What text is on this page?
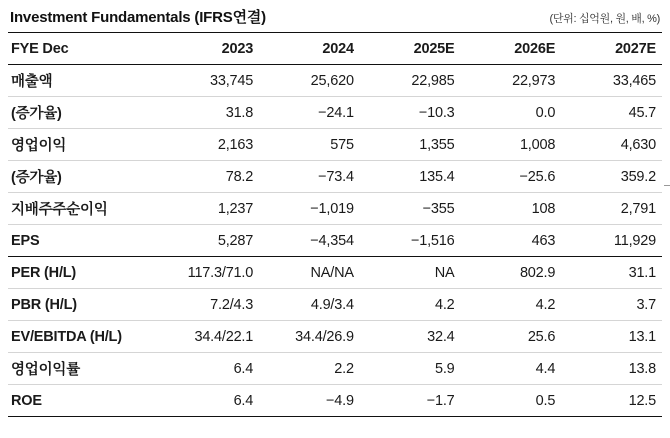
Investment Fundamentals (IFRS연결)	(단위: 십억원, 원, 배, %)
FYE Dec	2023	2024	2025E	2026E	2027E
매출액	33,745	25,620	22,985	22,973	33,465
(증가율)	31.8	−24.1	−10.3	0.0	45.7
영업이익	2,163	575	1,355	1,008	4,630
(증가율)	78.2	−73.4	135.4	−25.6	359.2
지배주주순이익	1,237	−1,019	−355	108	2,791
EPS	5,287	−4,354	−1,516	463	11,929
PER (H/L)	117.3/71.0	NA/NA	NA	802.9	31.1
PBR (H/L)	7.2/4.3	4.9/3.4	4.2	4.2	3.7
EV/EBITDA (H/L)	34.4/22.1	34.4/26.9	32.4	25.6	13.1
영업이익률	6.4	2.2	5.9	4.4	13.8
ROE	6.4	−4.9	−1.7	0.5	12.5
